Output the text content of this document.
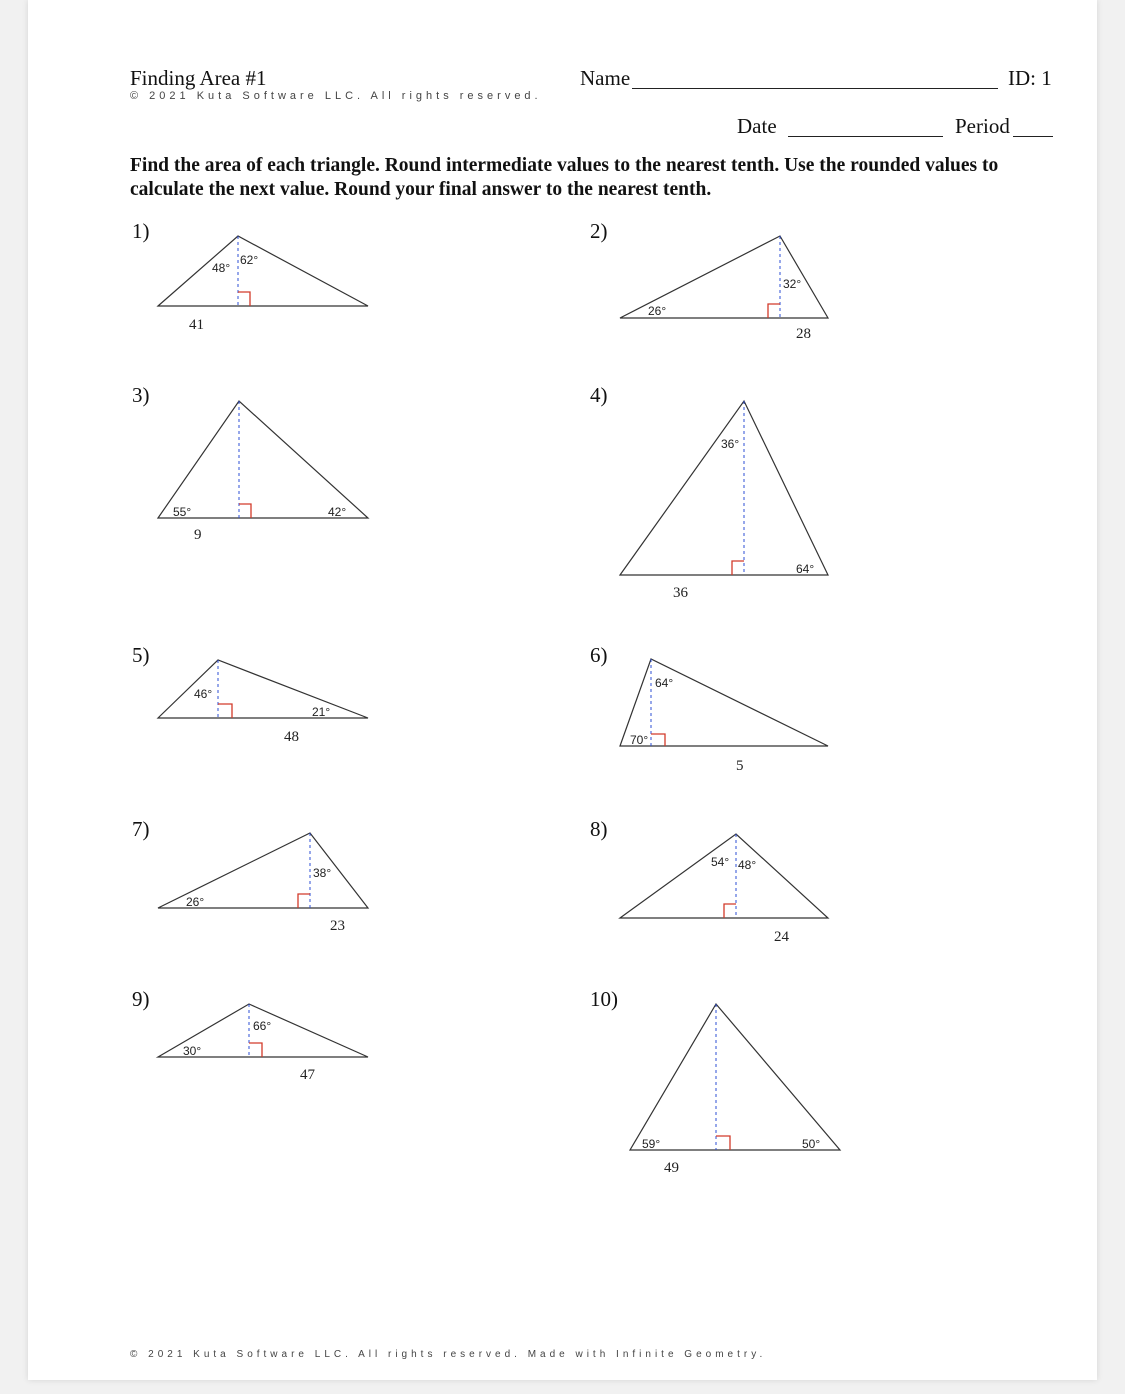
Finding Area #1
© 2021 Kuta Software LLC. All rights reserved.
Name	ID: 1
Date	Period
Find the area of each triangle. Round intermediate values to the nearest tenth. Use the rounded values to calculate the next value. Round your final answer to the nearest tenth.
1)	2)
3)	4)
5)	6)
7)	8)
9)	10)
© 2021 Kuta Software LLC. All rights reserved. Made with Infinite Geometry.
48°
62°
41
26°
32°
28
55°	42°
9
36°
64°
36
46°
21°
48
64°
70°
5
26°
38°
23
54° 48°
24
30°
66°
47
59°	50°
49
